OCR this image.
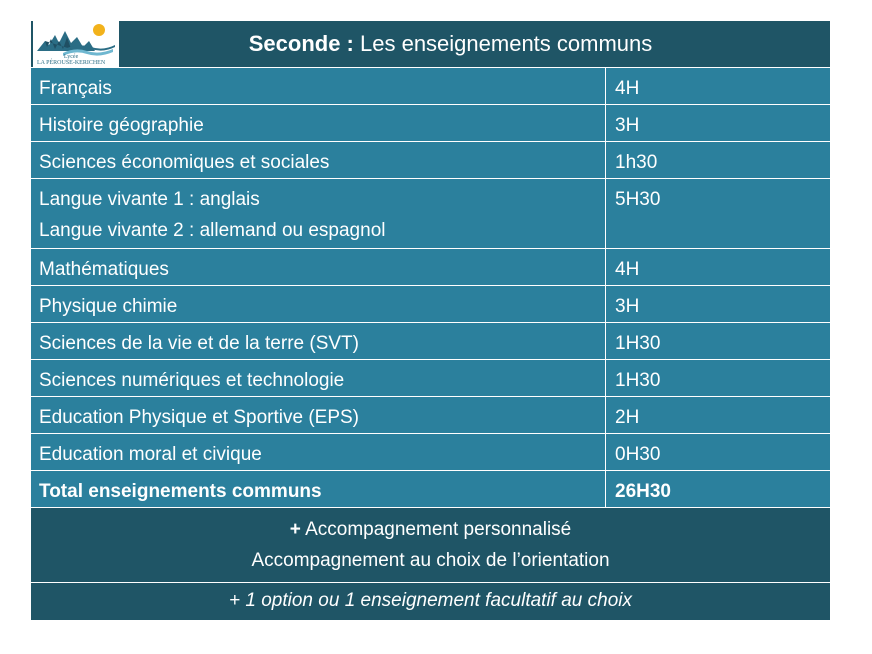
Lycée
LA PÉROUSE-KERICHEN
Seconde : Les enseignements communs	

Français	4H

Histoire géographie	3H

Sciences économiques et sociales	1h30

Langue vivante 1 : anglais
Langue vivante 2 : allemand ou espagnol	5H30

Mathématiques	4H

Physique chimie	3H

Sciences de la vie et de la terre (SVT)	1H30

Sciences numériques et technologie	1H30

Education Physique et Sportive (EPS)	2H

Education moral et civique	0H30

Total enseignements communs	26H30

+ Accompagnement personnalisé
Accompagnement au choix de l’orientation	

+ 1 option ou 1 enseignement facultatif au choix	
